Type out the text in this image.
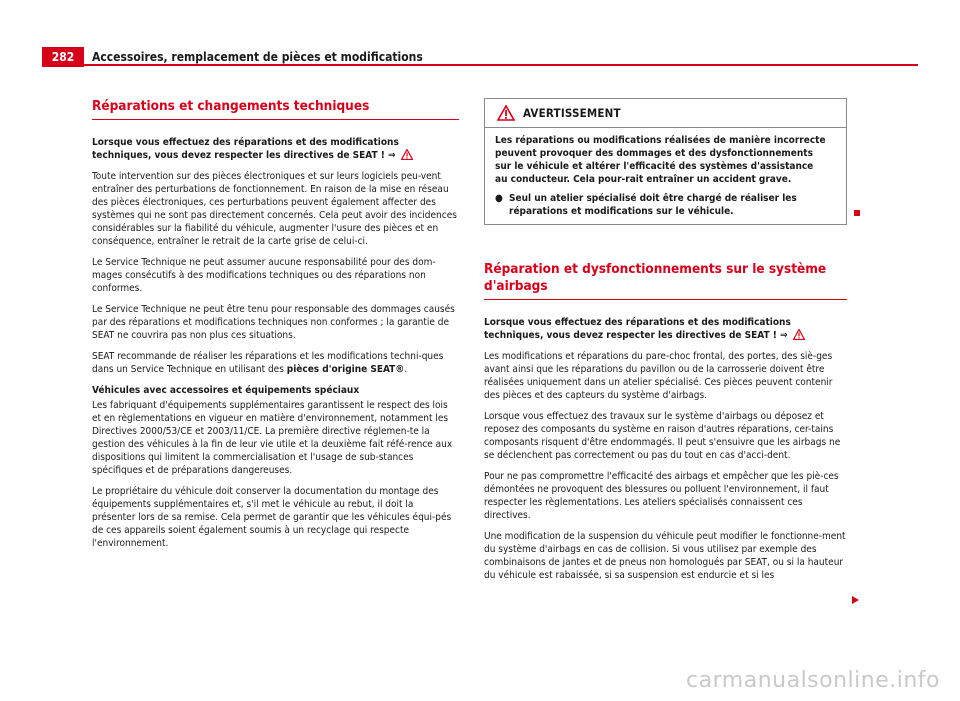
282	Accessoires, remplacement de pièces et modifications
Réparations et changements techniques

Lorsque vous effectuez des réparations et des modifications techniques, vous devez respecter les directives de SEAT ! ⇒

Toute intervention sur des pièces électroniques et sur leurs logiciels peu-vent entraîner des perturbations de fonctionnement. En raison de la mise en réseau des pièces électroniques, ces perturbations peuvent également affecter des systèmes qui ne sont pas directement concernés. Cela peut avoir des incidences considérables sur la fiabilité du véhicule, augmenter l'usure des pièces et en conséquence, entraîner le retrait de la carte grise de celui-ci.

Le Service Technique ne peut assumer aucune responsabilité pour des dom-mages consécutifs à des modifications techniques ou des réparations non conformes.

Le Service Technique ne peut être tenu pour responsable des dommages causés par des réparations et modifications techniques non conformes ; la garantie de SEAT ne couvrira pas non plus ces situations.

SEAT recommande de réaliser les réparations et les modifications techni-ques dans un Service Technique en utilisant des pièces d'origine SEAT®.

Véhicules avec accessoires et équipements spéciaux

Les fabriquant d'équipements supplémentaires garantissent le respect des lois et en règlementations en vigueur en matière d'environnement, notamment les Directives 2000/53/CE et 2003/11/CE. La première directive réglemen-te la gestion des véhicules à la fin de leur vie utile et la deuxième fait réfé-rence aux dispositions qui limitent la commercialisation et l'usage de sub-stances spécifiques et de préparations dangereuses.

Le propriétaire du véhicule doit conserver la documentation du montage des équipements supplémentaires et, s'il met le véhicule au rebut, il doit la présenter lors de sa remise. Cela permet de garantir que les véhicules équi-pés de ces appareils soient également soumis à un recyclage qui respecte l'environnement.

AVERTISSEMENT

Les réparations ou modifications réalisées de manière incorrecte peuvent provoquer des dommages et des dysfonctionnements sur le véhicule et altérer l'efficacité des systèmes d'assistance au conducteur. Cela pour-rait entraîner un accident grave.

● Seul un atelier spécialisé doit être chargé de réaliser les réparations et modifications sur le véhicule.
Réparation et dysfonctionnements sur le système d'airbags

Lorsque vous effectuez des réparations et des modifications techniques, vous devez respecter les directives de SEAT ! ⇒

Les modifications et réparations du pare-choc frontal, des portes, des siè-ges avant ainsi que les réparations du pavillon ou de la carrosserie doivent être réalisées uniquement dans un atelier spécialisé. Ces pièces peuvent contenir des pièces et des capteurs du système d'airbags.

Lorsque vous effectuez des travaux sur le système d'airbags ou déposez et reposez des composants du système en raison d'autres réparations, cer-tains composants risquent d'être endommagés. Il peut s'ensuivre que les airbags ne se déclenchent pas correctement ou pas du tout en cas d'acci-dent.

Pour ne pas compromettre l'efficacité des airbags et empêcher que les piè-ces démontées ne provoquent des blessures ou polluent l'environnement, il faut respecter les règlementations. Les ateliers spécialisés connaissent ces directives.

Une modification de la suspension du véhicule peut modifier le fonctionne-ment du système d'airbags en cas de collision. Si vous utilisez par exemple des combinaisons de jantes et de pneus non homologués par SEAT, ou si la hauteur du véhicule est rabaissée, si sa suspension est endurcie et si les

carmanualsonline.info
